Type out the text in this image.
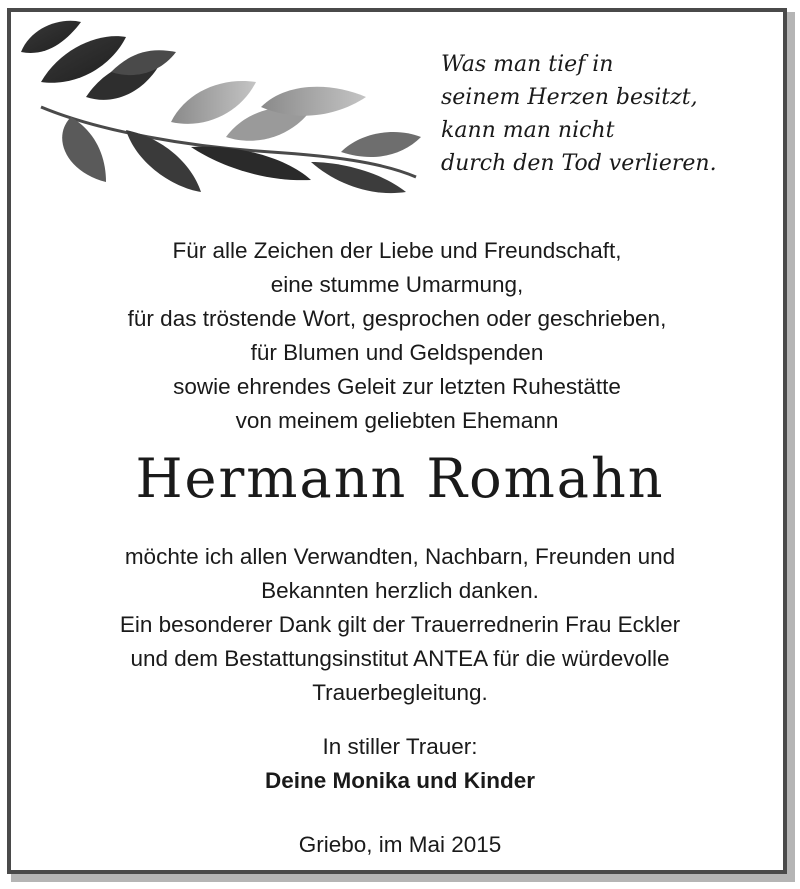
Was man tief in
seinem Herzen besitzt,
kann man nicht
durch den Tod verlieren.
Für alle Zeichen der Liebe und Freundschaft,
eine stumme Umarmung,
für das tröstende Wort, gesprochen oder geschrieben,
für Blumen und Geldspenden
sowie ehrendes Geleit zur letzten Ruhestätte
von meinem geliebten Ehemann
Hermann Romahn
möchte ich allen Verwandten, Nachbarn, Freunden und
Bekannten herzlich danken.
Ein besonderer Dank gilt der Trauerrednerin Frau Eckler
und dem Bestattungsinstitut ANTEA für die würdevolle
Trauerbegleitung.
In stiller Trauer:
Deine Monika und Kinder
Griebo, im Mai 2015
